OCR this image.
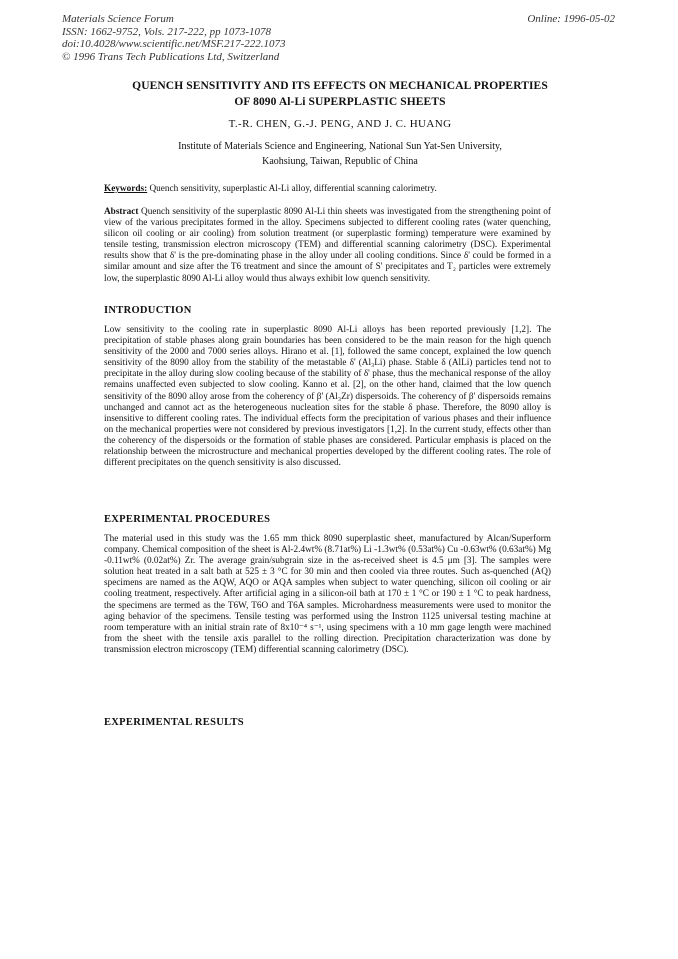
Materials Science Forum
ISSN: 1662-9752, Vols. 217-222, pp 1073-1078
doi:10.4028/www.scientific.net/MSF.217-222.1073
© 1996 Trans Tech Publications Ltd, Switzerland
Online: 1996-05-02
QUENCH SENSITIVITY AND ITS EFFECTS ON MECHANICAL PROPERTIES
OF 8090 Al-Li SUPERPLASTIC SHEETS
T.-R. CHEN, G.-J. PENG, AND J. C. HUANG
Institute of Materials Science and Engineering, National Sun Yat-Sen University,
Kaohsiung, Taiwan, Republic of China
Keywords: Quench sensitivity, superplastic Al-Li alloy, differential scanning calorimetry.
Abstract Quench sensitivity of the superplastic 8090 Al-Li thin sheets was investigated from the strengthening point of view of the various precipitates formed in the alloy. Specimens subjected to different cooling rates (water quenching, silicon oil cooling or air cooling) from solution treatment (or superplastic forming) temperature were examined by tensile testing, transmission electron microscopy (TEM) and differential scanning calorimetry (DSC). Experimental results show that δ' is the pre-dominating phase in the alloy under all cooling conditions. Since δ' could be formed in a similar amount and size after the T6 treatment and since the amount of S' precipitates and T₂ particles were extremely low, the superplastic 8090 Al-Li alloy would thus always exhibit low quench sensitivity.
INTRODUCTION
Low sensitivity to the cooling rate in superplastic 8090 Al-Li alloys has been reported previously [1,2]. The precipitation of stable phases along grain boundaries has been considered to be the main reason for the high quench sensitivity of the 2000 and 7000 series alloys. Hirano et al. [1], followed the same concept, explained the low quench sensitivity of the 8090 alloy from the stability of the metastable δ' (Al₃Li) phase. Stable δ (AlLi) particles tend not to precipitate in the alloy during slow cooling because of the stability of δ' phase, thus the mechanical response of the alloy remains unaffected even subjected to slow cooling. Kanno et al. [2], on the other hand, claimed that the low quench sensitivity of the 8090 alloy arose from the coherency of β' (Al₃Zr) dispersoids. The coherency of β' dispersoids remains unchanged and cannot act as the heterogeneous nucleation sites for the stable δ phase. Therefore, the 8090 alloy is insensitive to different cooling rates. The individual effects form the precipitation of various phases and their influence on the mechanical properties were not considered by previous investigators [1,2]. In the current study, effects other than the coherency of the dispersoids or the formation of stable phases are considered. Particular emphasis is placed on the relationship between the microstructure and mechanical properties developed by the different cooling rates. The role of different precipitates on the quench sensitivity is also discussed.
EXPERIMENTAL PROCEDURES
The material used in this study was the 1.65 mm thick 8090 superplastic sheet, manufactured by Alcan/Superform company. Chemical composition of the sheet is Al-2.4wt% (8.71at%) Li -1.3wt% (0.53at%) Cu -0.63wt% (0.63at%) Mg -0.11wt% (0.02at%) Zr. The average grain/subgrain size in the as-received sheet is 4.5 μm [3]. The samples were solution heat treated in a salt bath at 525 ± 3 °C for 30 min and then cooled via three routes. Such as-quenched (AQ) specimens are named as the AQW, AQO or AQA samples when subject to water quenching, silicon oil cooling or air cooling treatment, respectively. After artificial aging in a silicon-oil bath at 170 ± 1 °C or 190 ± 1 °C to peak hardness, the specimens are termed as the T6W, T6O and T6A samples. Microhardness measurements were used to monitor the aging behavior of the specimens. Tensile testing was performed using the Instron 1125 universal testing machine at room temperature with an initial strain rate of 8x10⁻⁴ s⁻¹, using specimens with a 10 mm gage length were machined from the sheet with the tensile axis parallel to the rolling direction. Precipitation characterization was done by transmission electron microscopy (TEM) differential scanning calorimetry (DSC).
EXPERIMENTAL RESULTS
